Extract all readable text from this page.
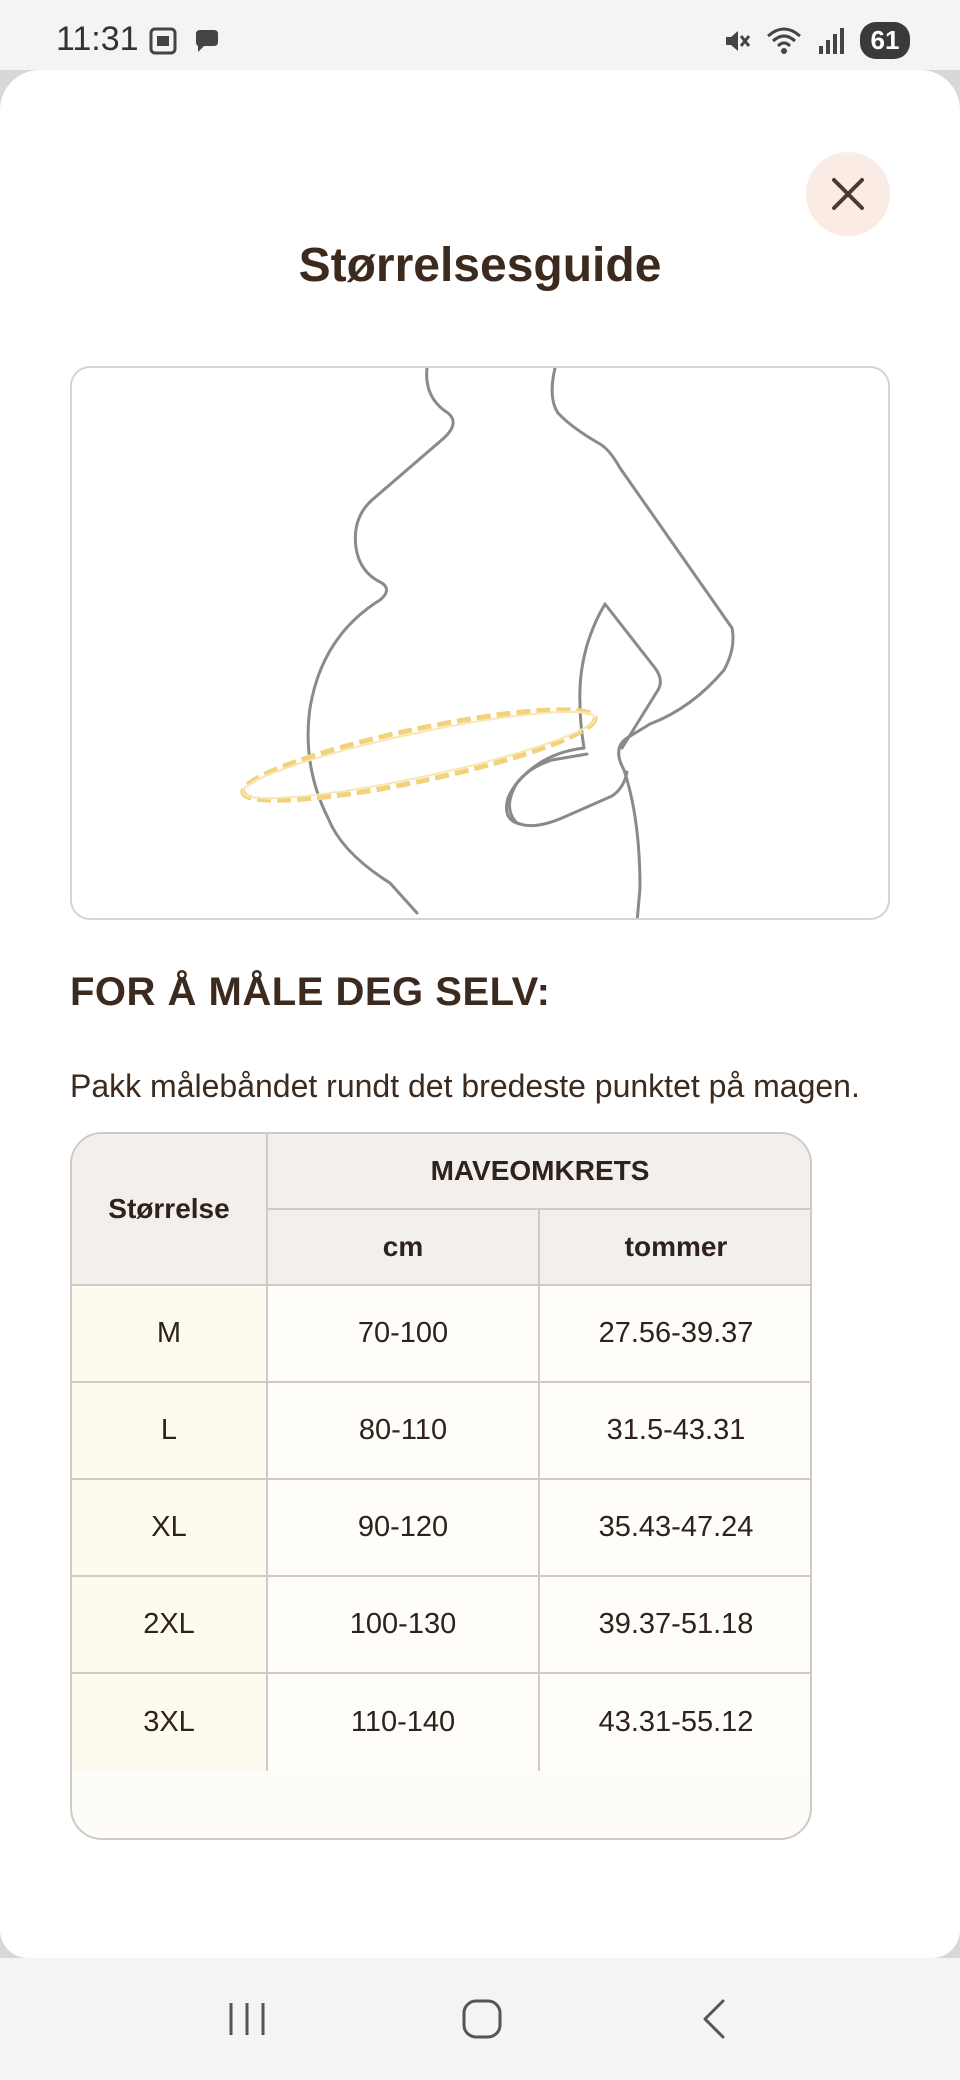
11:31	61
Størrelsesguide
FOR Å MÅLE DEG SELV:
Pakk målebåndet rundt det bredeste punktet på magen.
Størrelse
MAVEOMKRETS
cm	tommer
M	70-100	27.56-39.37
L	80-110	31.5-43.31
XL	90-120	35.43-47.24
2XL	100-130	39.37-51.18
3XL	110-140	43.31-55.12
